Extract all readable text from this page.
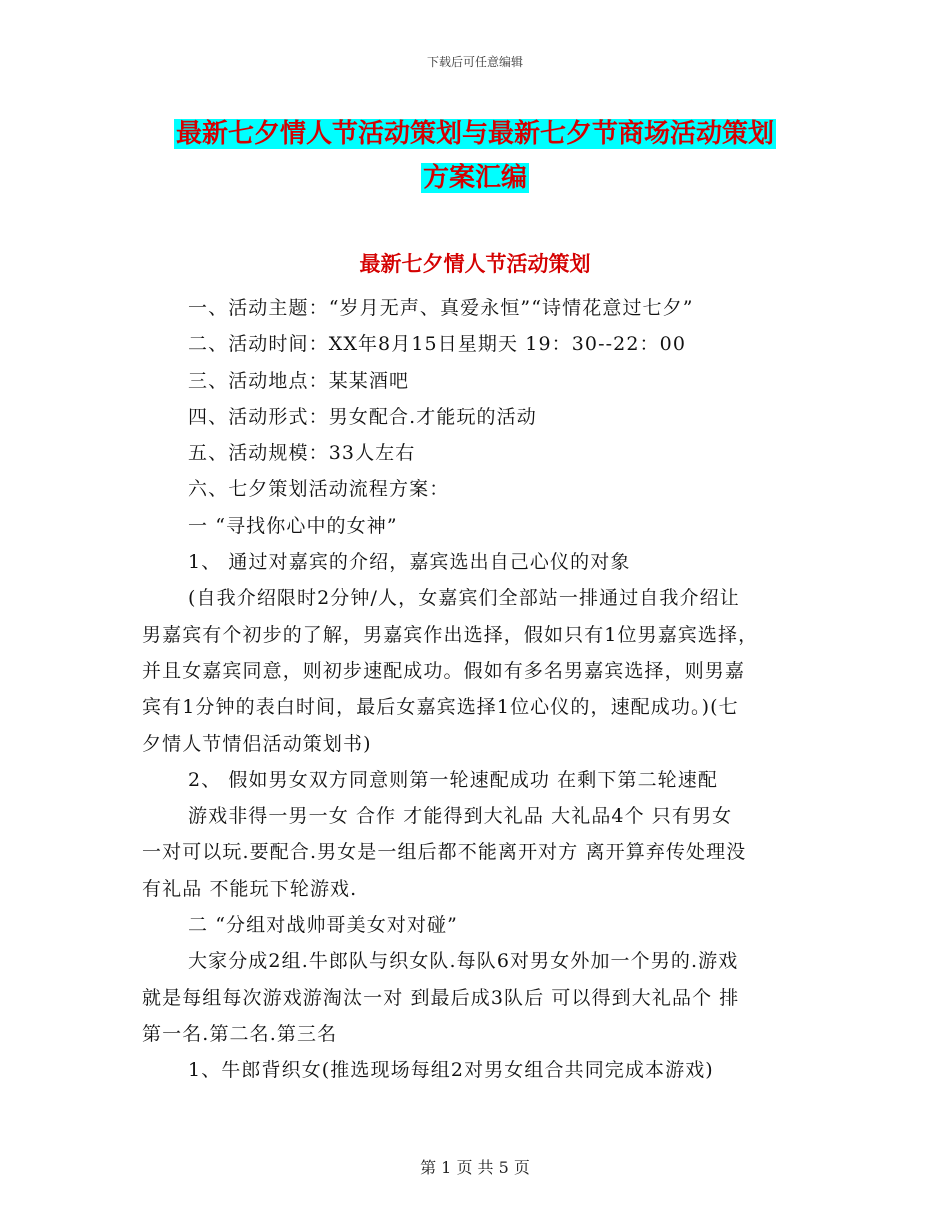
下载后可任意编辑
最新七夕情人节活动策划与最新七夕节商场活动策划
方案汇编
最新七夕情人节活动策划

一、活动主题：“岁月无声、真爱永恒”“诗情花意过七夕”

二、活动时间：XX年8月15日星期天 19：30--22：00

三、活动地点：某某酒吧

四、活动形式：男女配合.才能玩的活动

五、活动规模：33人左右

六、七夕策划活动流程方案：

一 “寻找你心中的女神”

1、 通过对嘉宾的介绍，嘉宾选出自己心仪的对象

(自我介绍限时2分钟/人，女嘉宾们全部站一排通过自我介绍让

男嘉宾有个初步的了解，男嘉宾作出选择，假如只有1位男嘉宾选择，

并且女嘉宾同意，则初步速配成功。假如有多名男嘉宾选择，则男嘉

宾有1分钟的表白时间，最后女嘉宾选择1位心仪的，速配成功。)(七

夕情人节情侣活动策划书)

2、 假如男女双方同意则第一轮速配成功 在剩下第二轮速配

游戏非得一男一女 合作 才能得到大礼品 大礼品4个 只有男女

一对可以玩.要配合.男女是一组后都不能离开对方 离开算弃传处理没

有礼品 不能玩下轮游戏.

二 “分组对战帅哥美女对对碰”

大家分成2组.牛郎队与织女队.每队6对男女外加一个男的.游戏

就是每组每次游戏游淘汰一对 到最后成3队后 可以得到大礼品个 排

第一名.第二名.第三名

1、牛郎背织女(推选现场每组2对男女组合共同完成本游戏)

第 1 页 共 5 页
